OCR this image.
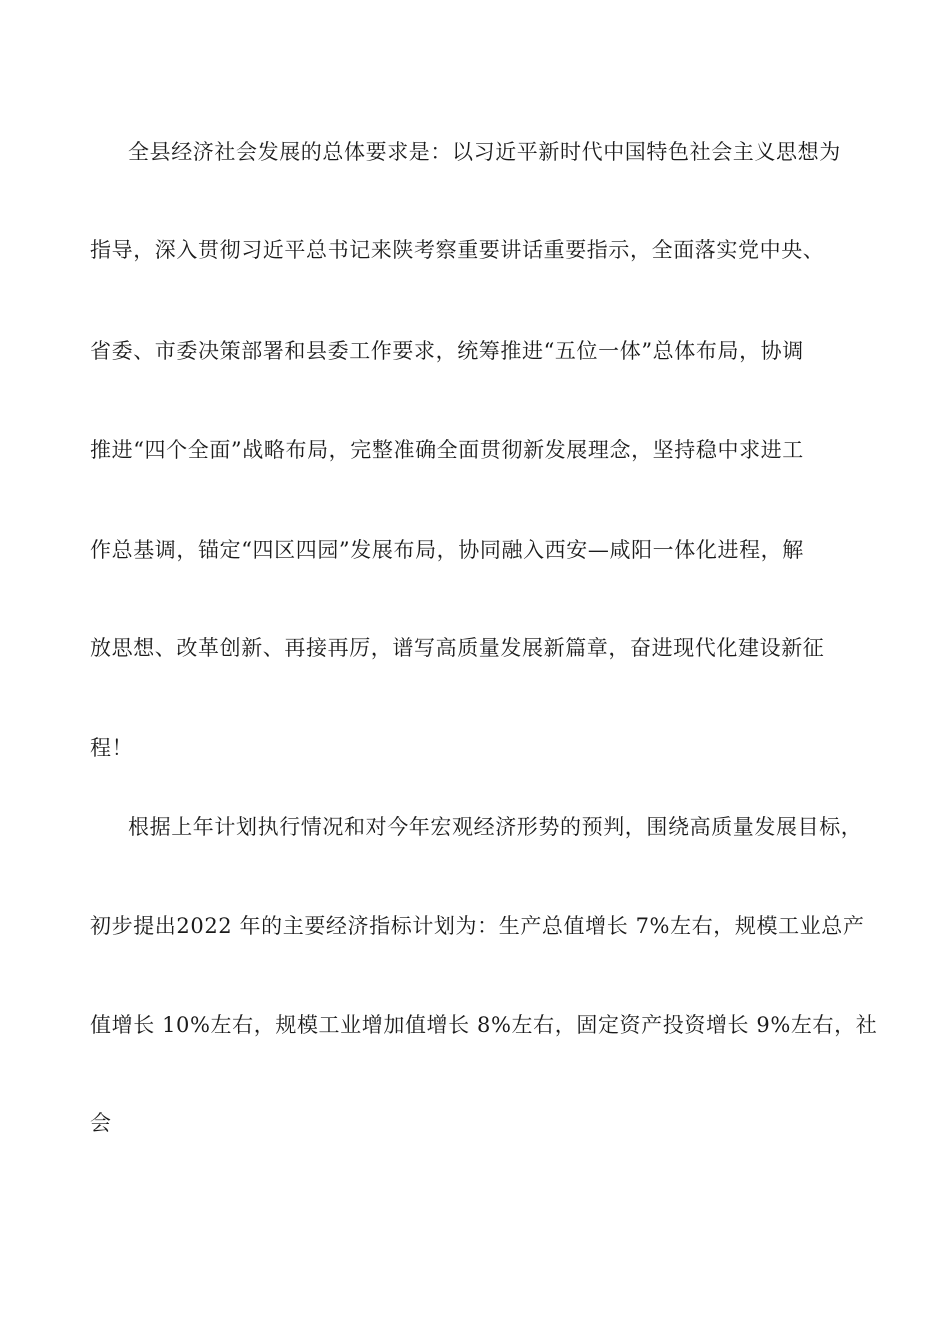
全县经济社会发展的总体要求是：以习近平新时代中国特色社会主义思想为
指导，深入贯彻习近平总书记来陕考察重要讲话重要指示，全面落实党中央、
省委、市委决策部署和县委工作要求，统筹推进“五位一体”总体布局，协调
推进“四个全面”战略布局，完整准确全面贯彻新发展理念，坚持稳中求进工
作总基调，锚定“四区四园”发展布局，协同融入西安—咸阳一体化进程，解
放思想、改革创新、再接再厉，谱写高质量发展新篇章，奋进现代化建设新征
程！
根据上年计划执行情况和对今年宏观经济形势的预判，围绕高质量发展目标，
初步提出2022 年的主要经济指标计划为：生产总值增长 7%左右，规模工业总产
值增长 10%左右，规模工业增加值增长 8%左右，固定资产投资增长 9%左右，社
会
